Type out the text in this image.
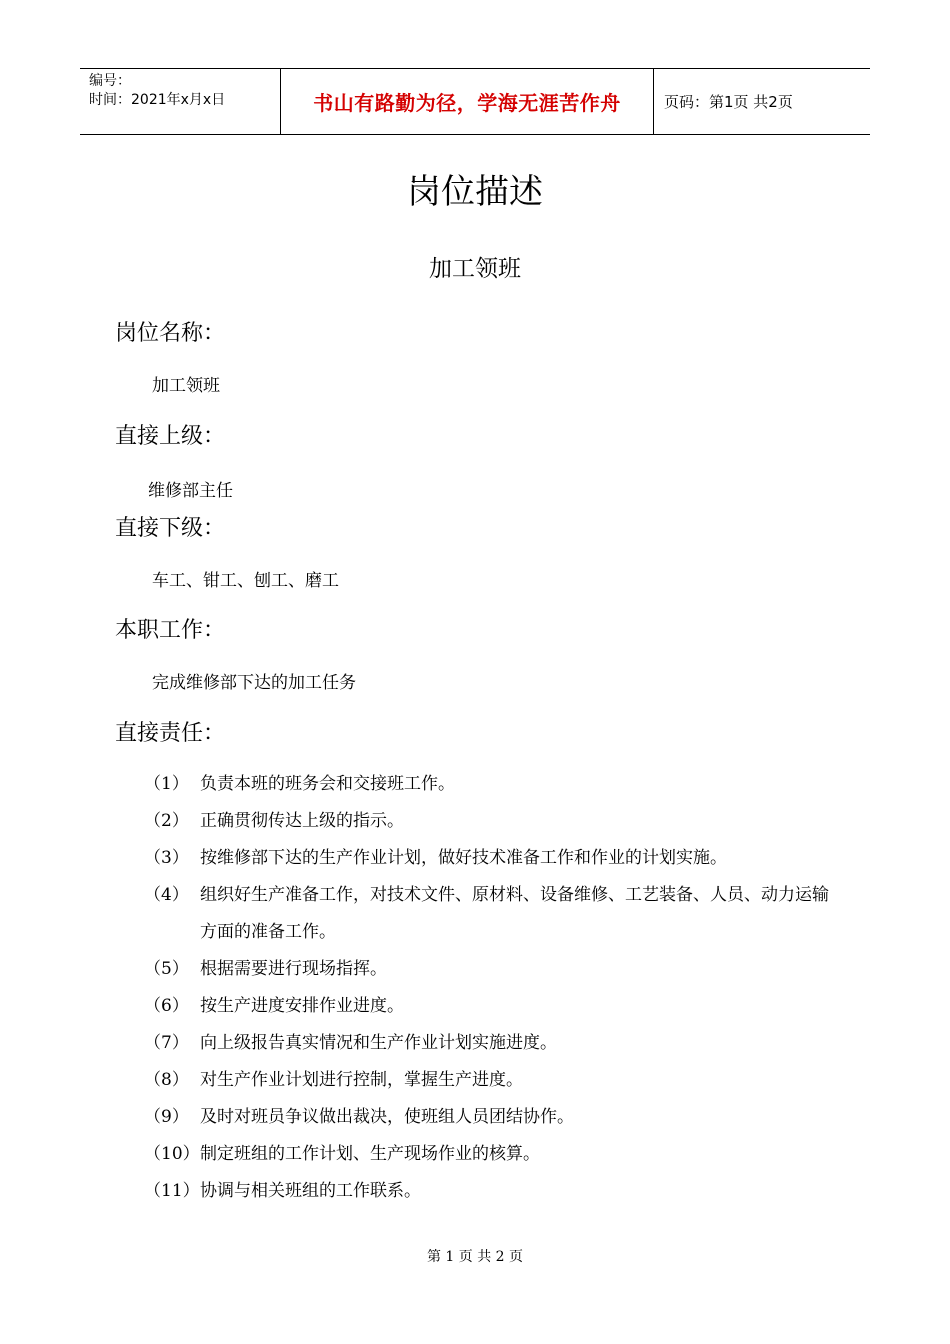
编号：
时间：2021年x月x日	书山有路勤为径，学海无涯苦作舟	页码：第1页 共2页
岗位描述
加工领班
岗位名称：
加工领班
直接上级：
维修部主任
直接下级：
车工、钳工、刨工、磨工
本职工作：
完成维修部下达的加工任务
直接责任：
（1） 负责本班的班务会和交接班工作。
（2） 正确贯彻传达上级的指示。
（3） 按维修部下达的生产作业计划，做好技术准备工作和作业的计划实施。
（4） 组织好生产准备工作，对技术文件、原材料、设备维修、工艺装备、人员、动力运输方面的准备工作。
（5） 根据需要进行现场指挥。
（6） 按生产进度安排作业进度。
（7） 向上级报告真实情况和生产作业计划实施进度。
（8） 对生产作业计划进行控制，掌握生产进度。
（9） 及时对班员争议做出裁决，使班组人员团结协作。
（10） 制定班组的工作计划、生产现场作业的核算。
（11） 协调与相关班组的工作联系。
第 1 页 共 2 页
